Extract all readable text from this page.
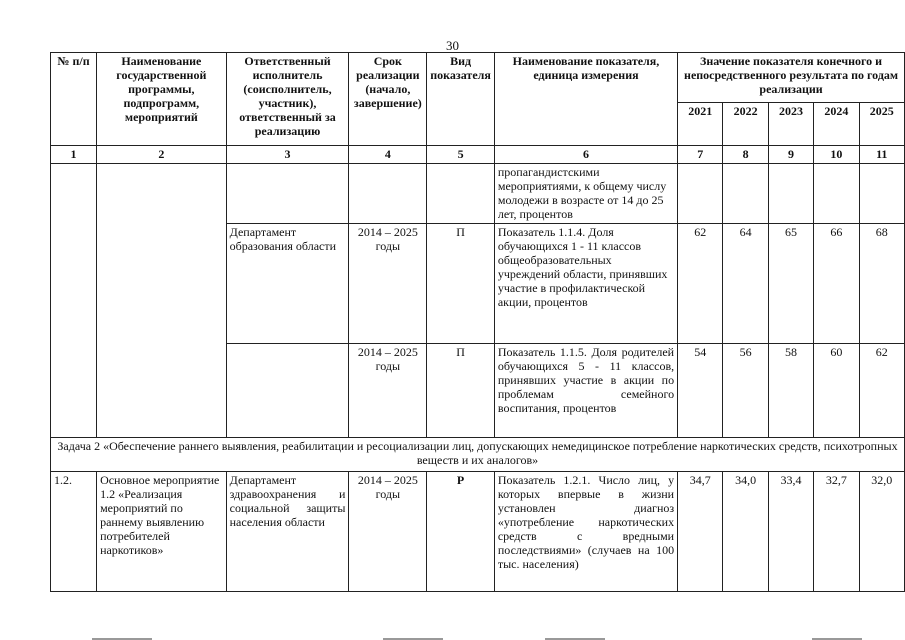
30
№ п/п	Наименование государственной программы, подпрограмм, мероприятий	Ответственный исполнитель (соисполнитель, участник), ответственный за реализацию	Срок реализации (начало, завершение)	Вид показателя	Наименование показателя, единица измерения	Значение показателя конечного и непосредственного результата по годам реализации				
						2021	2022	2023	2024	2025
1	2	3	4	5	6	7	8	9	10	11
					пропагандистскими мероприятиями, к общему числу молодежи в возрасте от 14 до 25 лет, процентов					
		Департамент образования области	2014 – 2025 годы	П	Показатель 1.1.4. Доля обучающихся 1 - 11 классов общеобразовательных учреждений области, принявших участие в профилактической акции, процентов	62	64	65	66	68
			2014 – 2025 годы	П	Показатель 1.1.5. Доля родителей обучающихся 5 - 11 классов, принявших участие в акции по проблемам семейного воспитания, процентов	54	56	58	60	62
Задача 2 «Обеспечение раннего выявления, реабилитации и ресоциализации лиц, допускающих немедицинское потребление наркотических средств, психотропных веществ и их аналогов»										
1.2.	Основное мероприятие 1.2 «Реализация мероприятий по раннему выявлению потребителей наркотиков»	Департамент здравоохранения и социальной защиты населения области	2014 – 2025 годы	Р	Показатель 1.2.1. Число лиц, у которых впервые в жизни установлен диагноз «употребление наркотических средств с вредными последствиями» (случаев на 100 тыс. населения)	34,7	34,0	33,4	32,7	32,0
